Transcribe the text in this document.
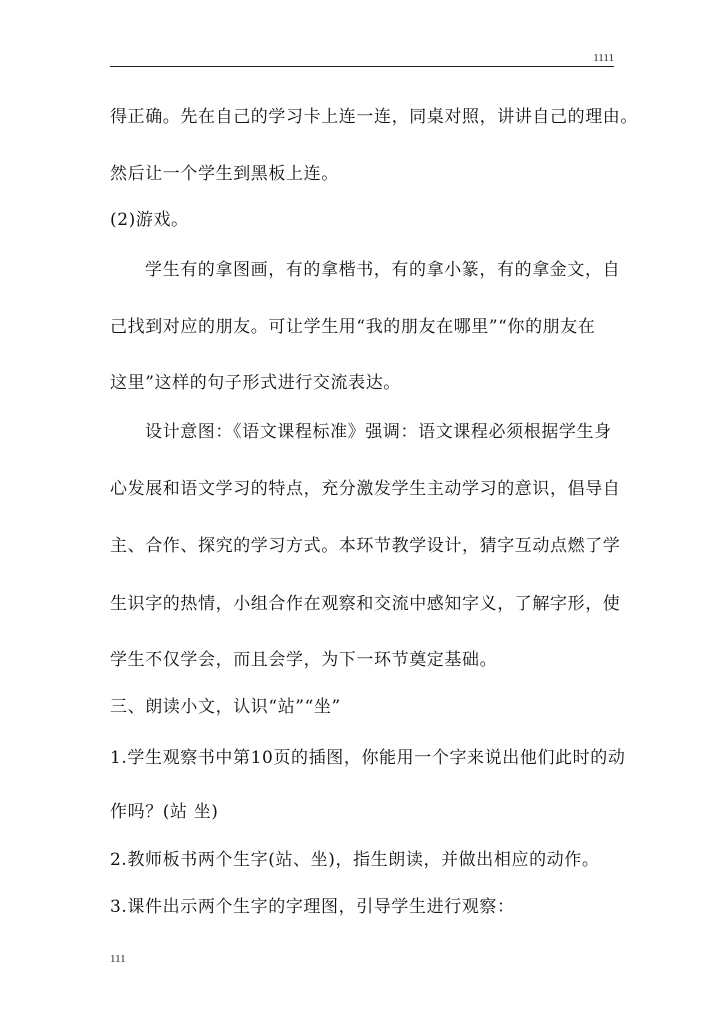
1111
得正确。先在自己的学习卡上连一连，同桌对照，讲讲自己的理由。
然后让一个学生到黑板上连。
(2)游戏。
学生有的拿图画，有的拿楷书，有的拿小篆，有的拿金文，自
己找到对应的朋友。可让学生用“我的朋友在哪里”“你的朋友在
这里”这样的句子形式进行交流表达。
设计意图：《语文课程标准》强调：语文课程必须根据学生身
心发展和语文学习的特点，充分激发学生主动学习的意识，倡导自
主、合作、探究的学习方式。本环节教学设计，猜字互动点燃了学
生识字的热情，小组合作在观察和交流中感知字义，了解字形，使
学生不仅学会，而且会学，为下一环节奠定基础。
三、朗读小文，认识“站”“坐”
1.学生观察书中第10页的插图，你能用一个字来说出他们此时的动
作吗？(站 坐)
2.教师板书两个生字(站、坐)，指生朗读，并做出相应的动作。
3.课件出示两个生字的字理图，引导学生进行观察：
111
